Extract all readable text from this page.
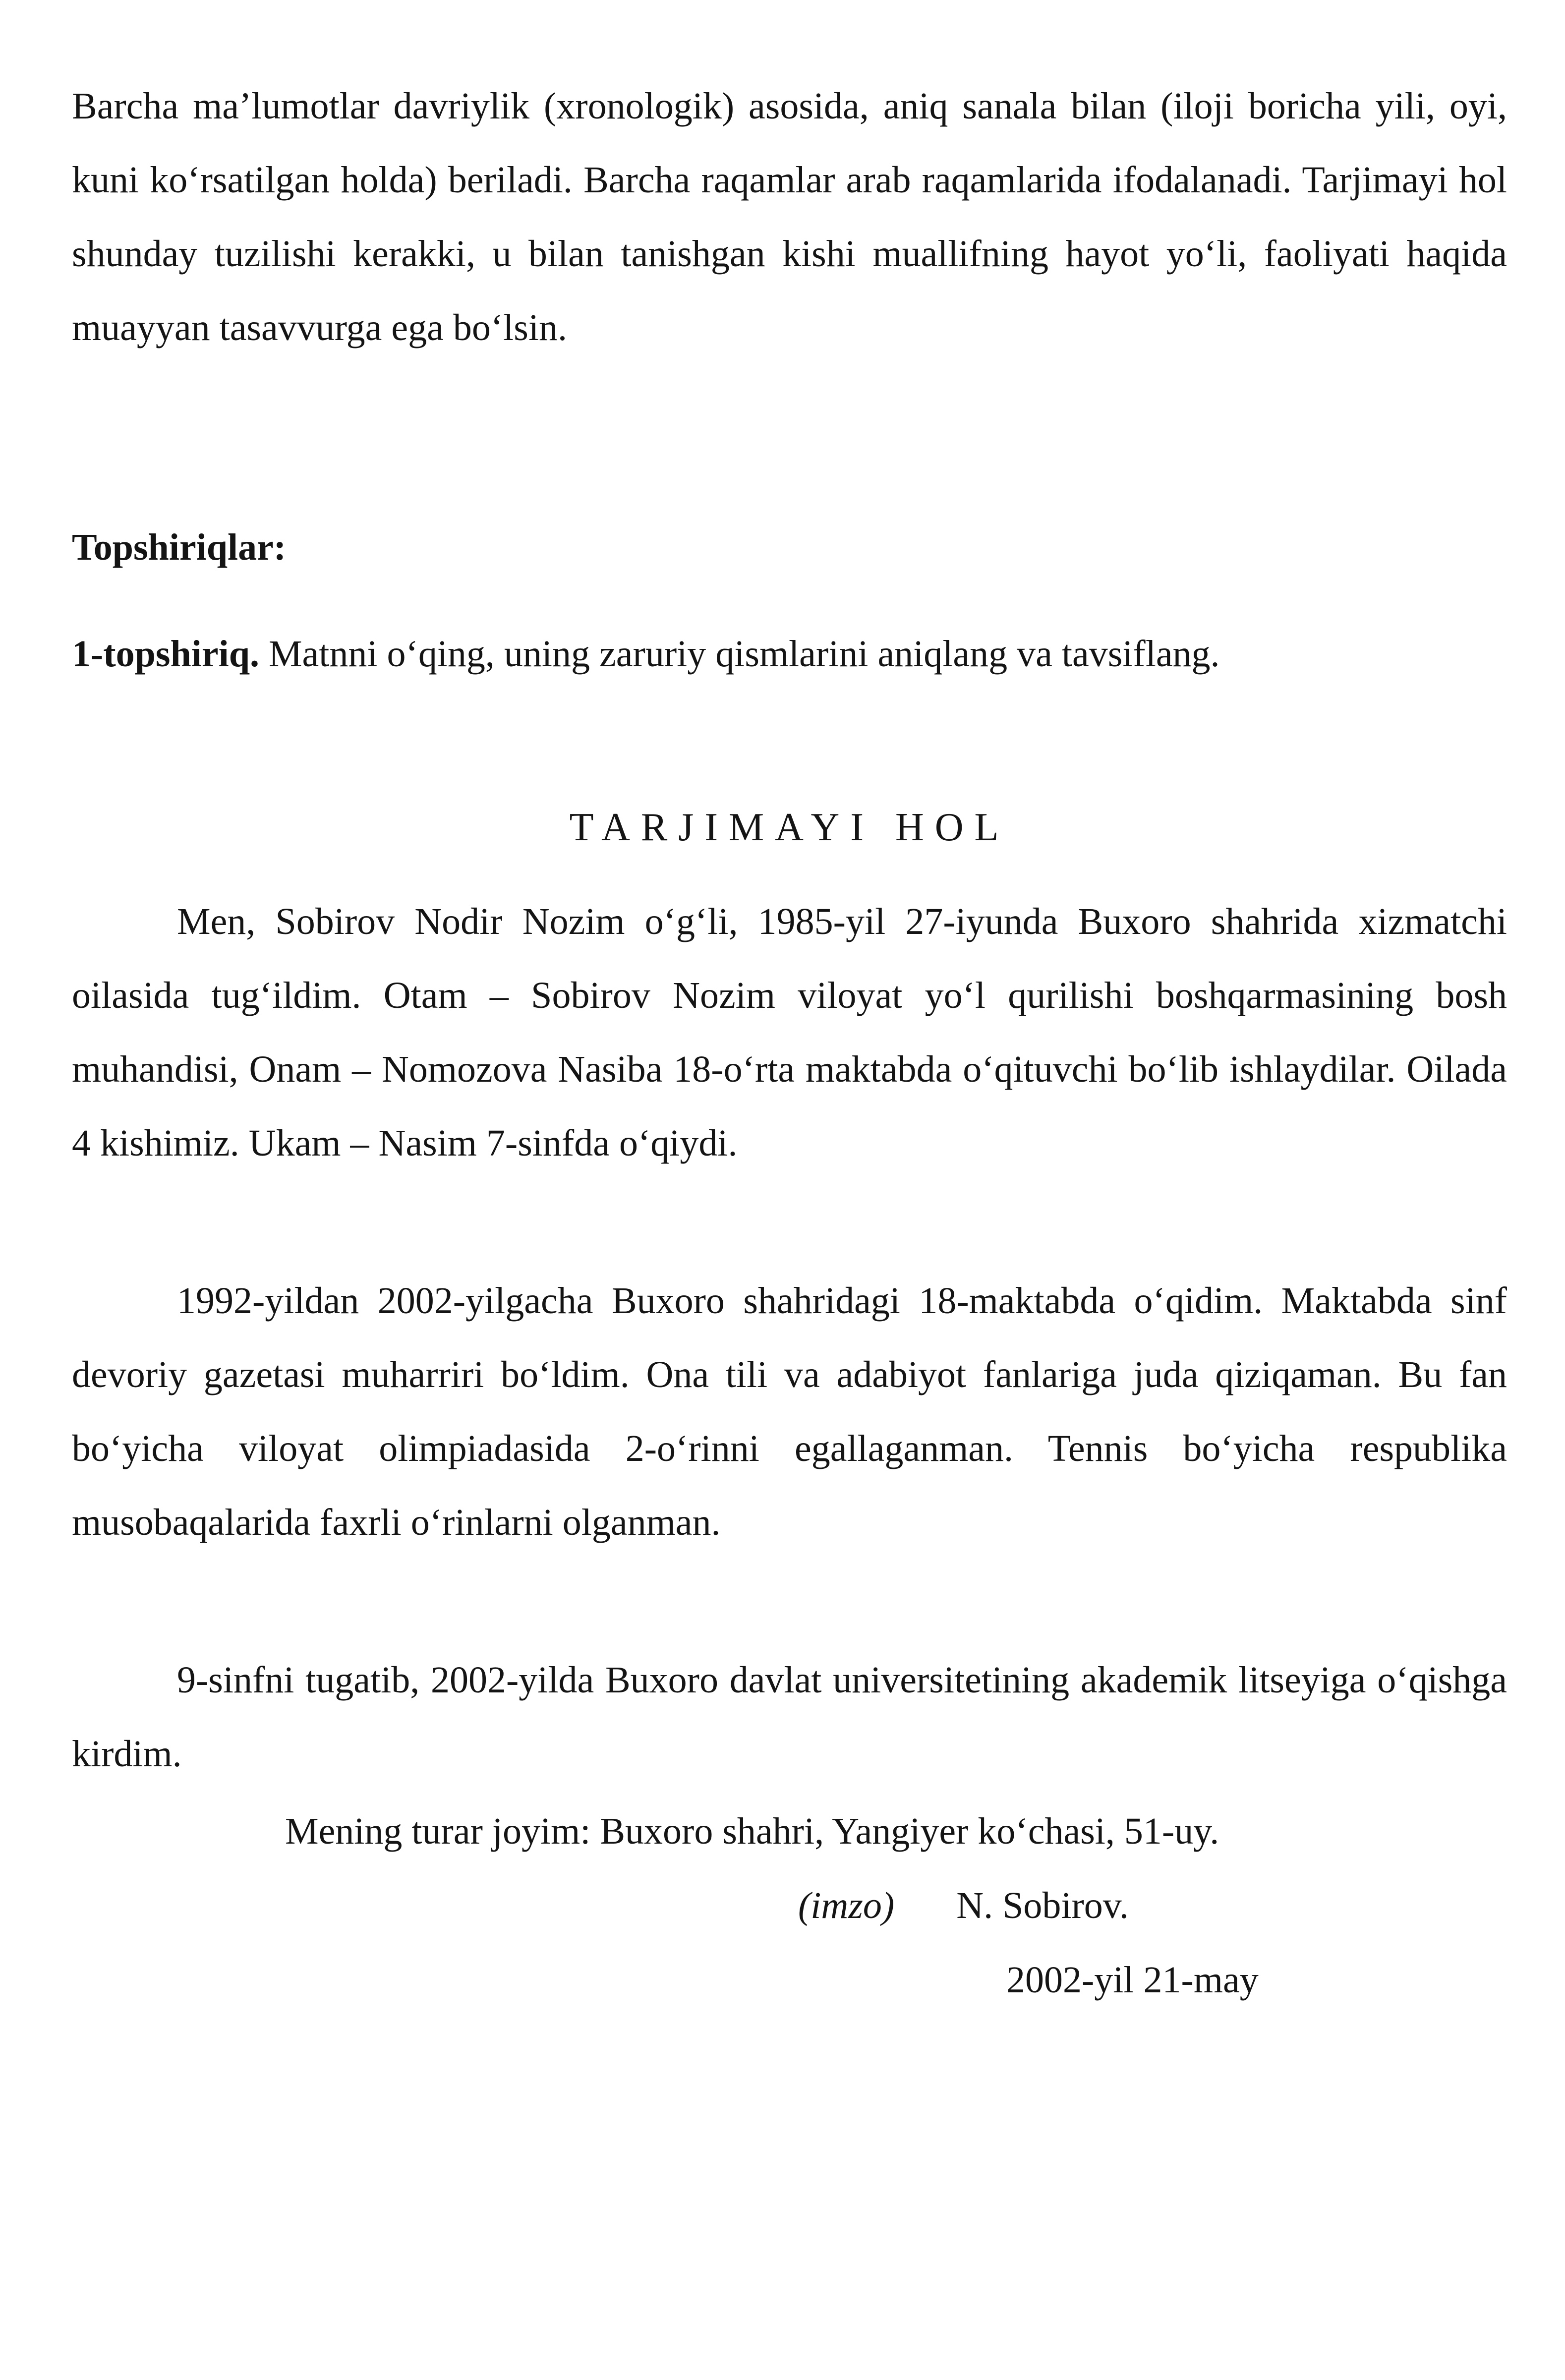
Barcha ma’lumotlar davriylik (xronologik) asosida, aniq sanala bilan (iloji boricha yili, oyi, kuni ko‘rsatilgan holda) beriladi. Barcha raqamlar arab raqamlarida ifodalanadi. Tarjimayi hol shunday tuzilishi kerakki, u bilan tanishgan kishi muallifning hayot yo‘li, faoliyati haqida muayyan tasavvurga ega bo‘lsin.

Topshiriqlar:

1-topshiriq. Matnni o‘qing, uning zaruriy qismlarini aniqlang va tavsiflang.

TARJIMAYI HOL

Men, Sobirov Nodir Nozim o‘g‘li, 1985-yil 27-iyunda Buxoro shahrida xizmatchi oilasida tug‘ildim. Otam – Sobirov Nozim viloyat yo‘l qurilishi boshqarmasining bosh muhandisi, Onam – Nomozova Nasiba 18-o‘rta maktabda o‘qituvchi bo‘lib ishlaydilar. Oilada 4 kishimiz. Ukam – Nasim 7-sinfda o‘qiydi.

1992-yildan 2002-yilgacha Buxoro shahridagi 18-maktabda o‘qidim. Maktabda sinf devoriy gazetasi muharriri bo‘ldim. Ona tili va adabiyot fanlariga juda qiziqaman. Bu fan bo‘yicha viloyat olimpiadasida 2-o‘rinni egallaganman. Tennis bo‘yicha respublika musobaqalarida faxrli o‘rinlarni olganman.

9-sinfni tugatib, 2002-yilda Buxoro davlat universitetining akademik litseyiga o‘qishga kirdim.

Mening turar joyim: Buxoro shahri, Yangiyer ko‘chasi, 51-uy.

(imzo) N. Sobirov.

2002-yil 21-may
